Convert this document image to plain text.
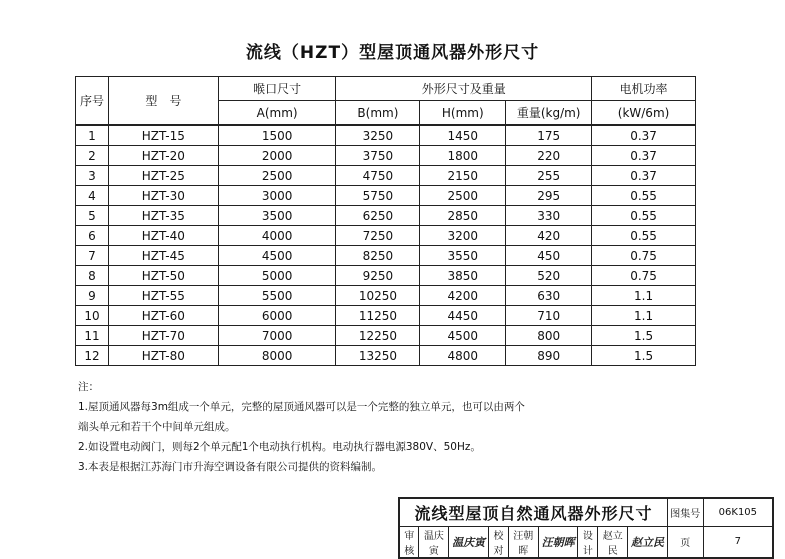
流线（HZT）型屋顶通风器外形尺寸
序号	型　号	喉口尺寸	外形尺寸及重量			电机功率
		A(mm)	B(mm)	H(mm)	重量(kg/m)	(kW/6m)
1	HZT-15	1500	3250	1450	175	0.37
2	HZT-20	2000	3750	1800	220	0.37
3	HZT-25	2500	4750	2150	255	0.37
4	HZT-30	3000	5750	2500	295	0.55
5	HZT-35	3500	6250	2850	330	0.55
6	HZT-40	4000	7250	3200	420	0.55
7	HZT-45	4500	8250	3550	450	0.75
8	HZT-50	5000	9250	3850	520	0.75
9	HZT-55	5500	10250	4200	630	1.1
10	HZT-60	6000	11250	4450	710	1.1
11	HZT-70	7000	12250	4500	800	1.5
12	HZT-80	8000	13250	4800	890	1.5
注：
1.屋顶通风器每3m组成一个单元，完整的屋顶通风器可以是一个完整的独立单元，也可以由两个
端头单元和若干个中间单元组成。
2.如设置电动阀门，则每2个单元配1个电动执行机构。电动执行器电源380V、50Hz。
3.本表是根据江苏海门市升海空调设备有限公司提供的资料编制。
流线型屋顶自然通风器外形尺寸									图集号	06K105
审核	温庆寅	温庆寅	校对	汪朝晖	汪朝晖	设计	赵立民	赵立民	页	7
